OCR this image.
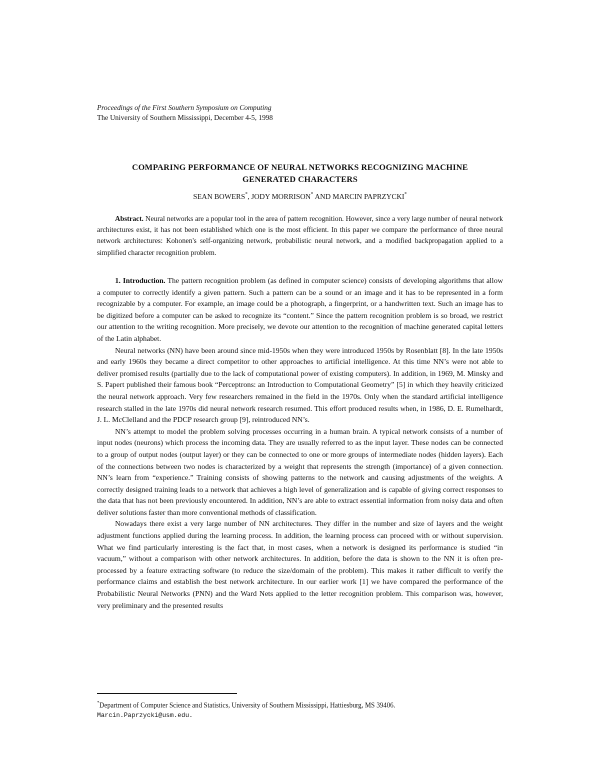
Proceedings of the First Southern Symposium on Computing
The University of Southern Mississippi, December 4-5, 1998
COMPARING PERFORMANCE OF NEURAL NETWORKS RECOGNIZING MACHINE
GENERATED CHARACTERS
SEAN BOWERS*, JODY MORRISON* AND MARCIN PAPRZYCKI*
Abstract. Neural networks are a popular tool in the area of pattern recognition. However, since a very large number of neural network architectures exist, it has not been established which one is the most efficient. In this paper we compare the performance of three neural network architectures: Kohonen's self-organizing network, probabilistic neural network, and a modified backpropagation applied to a simplified character recognition problem.

1. Introduction. The pattern recognition problem (as defined in computer science) consists of developing algorithms that allow a computer to correctly identify a given pattern. Such a pattern can be a sound or an image and it has to be represented in a form recognizable by a computer. For example, an image could be a photograph, a fingerprint, or a handwritten text. Such an image has to be digitized before a computer can be asked to recognize its “content.” Since the pattern recognition problem is so broad, we restrict our attention to the writing recognition. More precisely, we devote our attention to the recognition of machine generated capital letters of the Latin alphabet.

Neural networks (NN) have been around since mid-1950s when they were introduced 1950s by Rosenblatt [8]. In the late 1950s and early 1960s they became a direct competitor to other approaches to artificial intelligence. At this time NN’s were not able to deliver promised results (partially due to the lack of computational power of existing computers). In addition, in 1969, M. Minsky and S. Papert published their famous book “Perceptrons: an Introduction to Computational Geometry” [5] in which they heavily criticized the neural network approach. Very few researchers remained in the field in the 1970s. Only when the standard artificial intelligence research stalled in the late 1970s did neural network research resumed. This effort produced results when, in 1986, D. E. Rumelhardt, J. L. McClelland and the PDCP research group [9], reintroduced NN’s.

NN’s attempt to model the problem solving processes occurring in a human brain. A typical network consists of a number of input nodes (neurons) which process the incoming data. They are usually referred to as the input layer. These nodes can be connected to a group of output nodes (output layer) or they can be connected to one or more groups of intermediate nodes (hidden layers). Each of the connections between two nodes is characterized by a weight that represents the strength (importance) of a given connection. NN’s learn from “experience.” Training consists of showing patterns to the network and causing adjustments of the weights. A correctly designed training leads to a network that achieves a high level of generalization and is capable of giving correct responses to the data that has not been previously encountered. In addition, NN’s are able to extract essential information from noisy data and often deliver solutions faster than more conventional methods of classification.

Nowadays there exist a very large number of NN architectures. They differ in the number and size of layers and the weight adjustment functions applied during the learning process. In addition, the learning process can proceed with or without supervision. What we find particularly interesting is the fact that, in most cases, when a network is designed its performance is studied “in vacuum,” without a comparison with other network architectures. In addition, before the data is shown to the NN it is often pre-processed by a feature extracting software (to reduce the size/domain of the problem). This makes it rather difficult to verify the performance claims and establish the best network architecture. In our earlier work [1] we have compared the performance of the Probabilistic Neural Networks (PNN) and the Ward Nets applied to the letter recognition problem. This comparison was, however, very preliminary and the presented results

*Department of Computer Science and Statistics, University of Southern Mississippi, Hattiesburg, MS 39406.
Marcin.Paprzycki@usm.edu.
